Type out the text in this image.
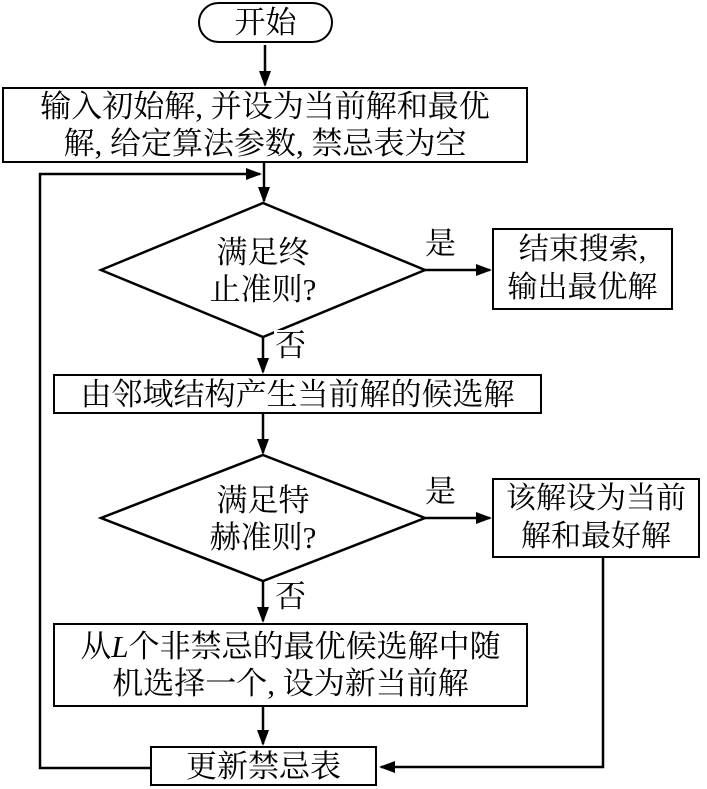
开始
输入初始解, 并设为当前解和最优
解, 给定算法参数, 禁忌表为空
满足终
止准则?
是
否
结束搜索,
输出最优解
由邻域结构产生当前解的候选解
满足特
赫准则?
是
否
该解设为当前
解和最好解
从L个非禁忌的最优候选解中随
机选择一个, 设为新当前解
更新禁忌表
